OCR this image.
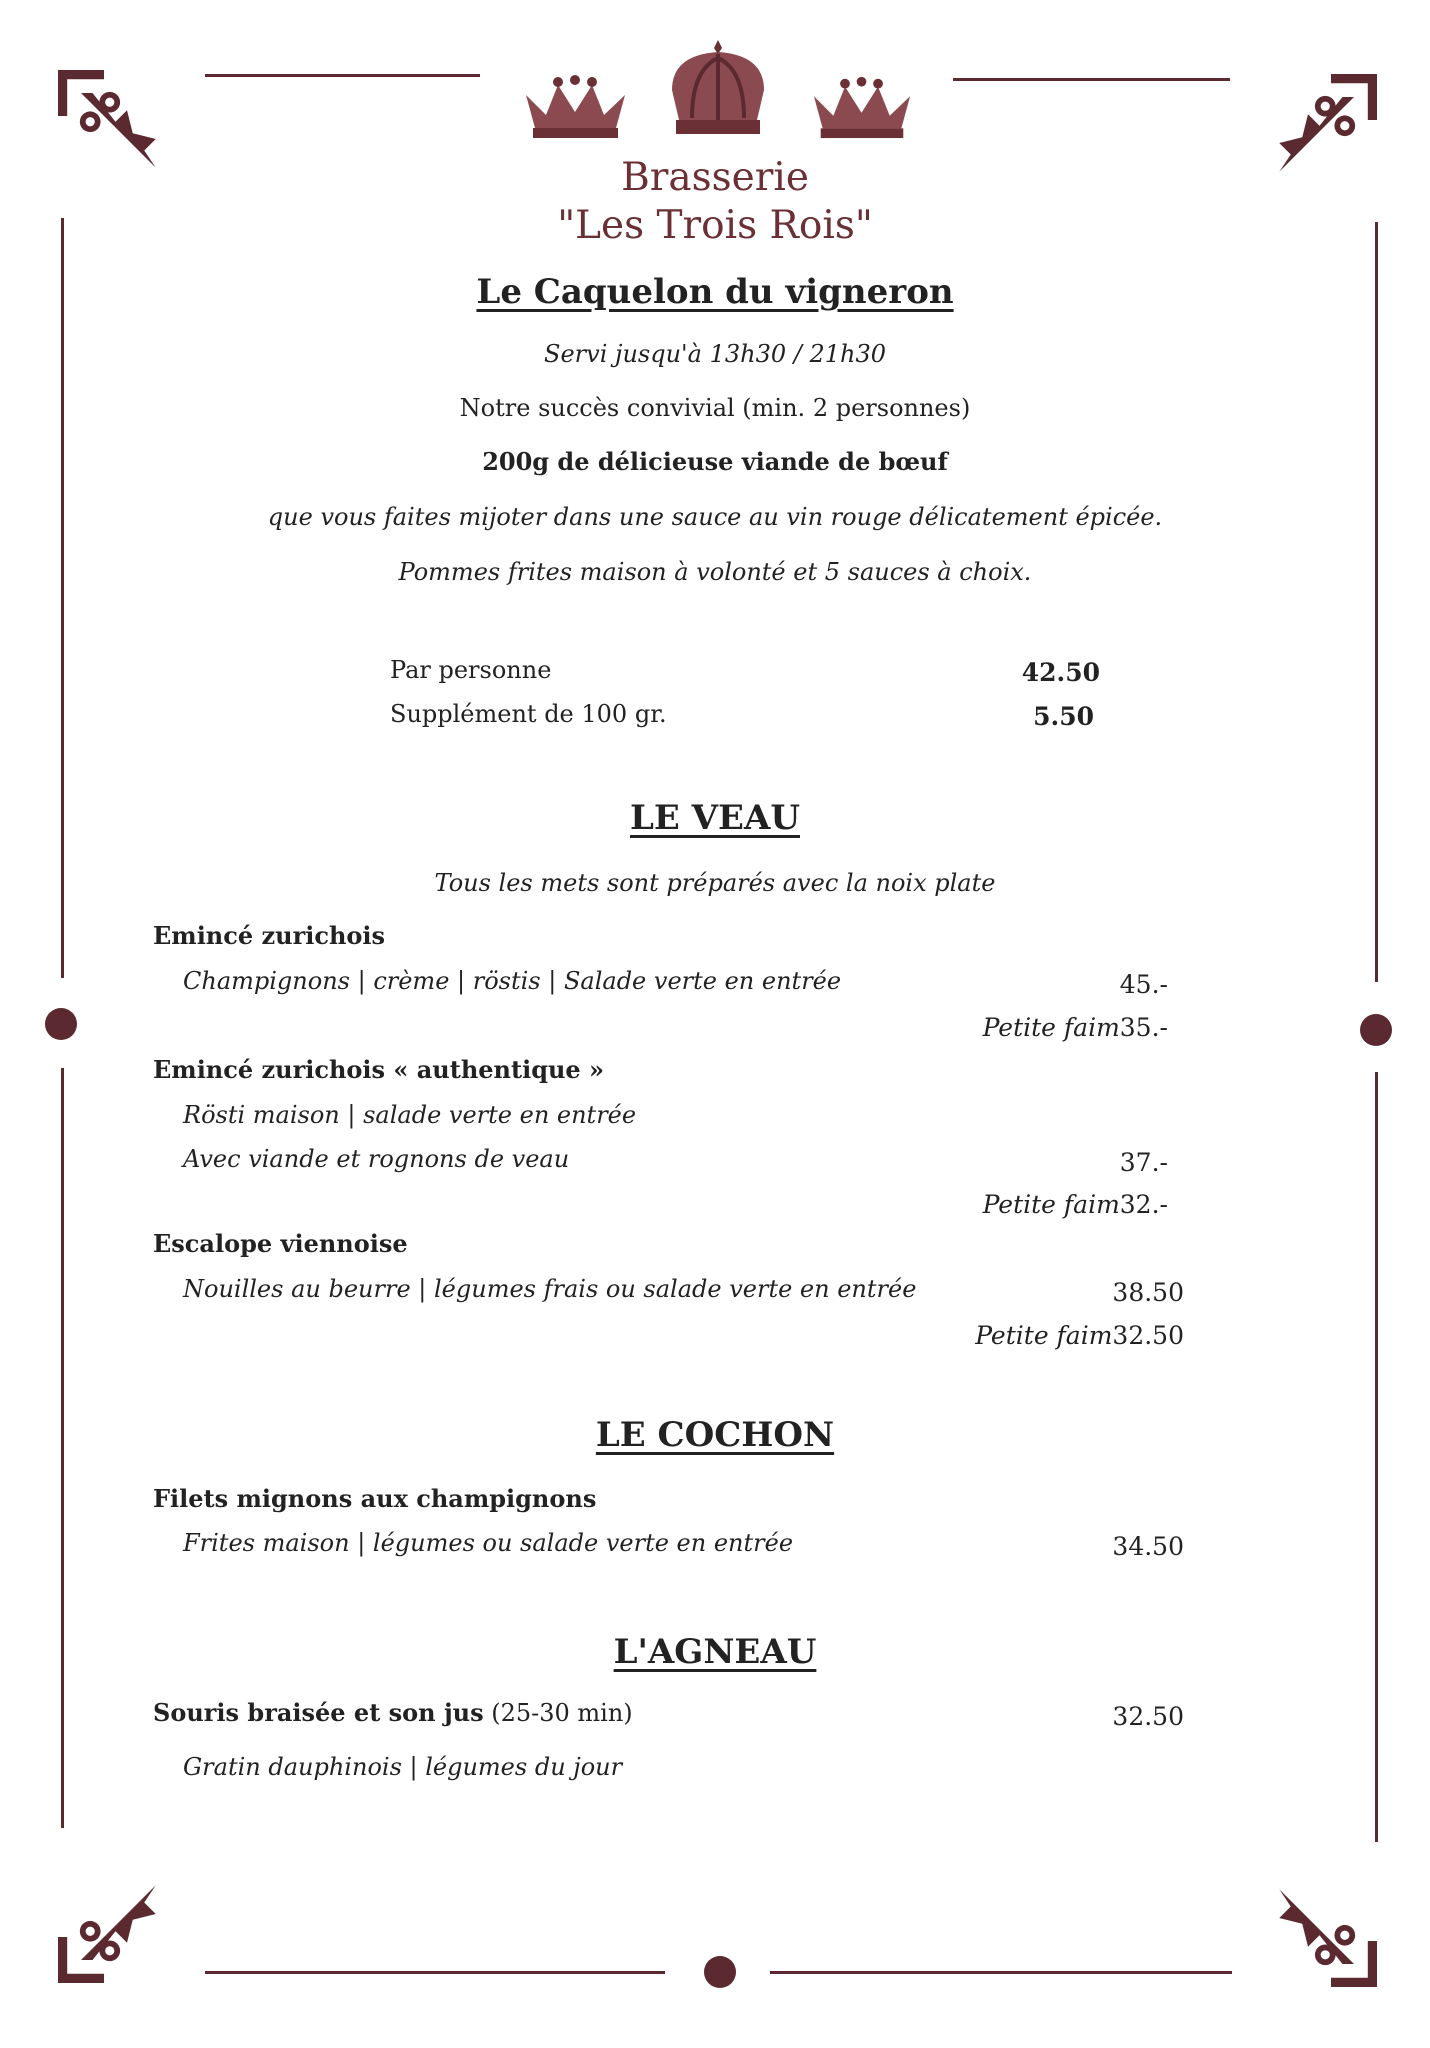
Brasserie
"Les Trois Rois"
Le Caquelon du vigneron
Servi jusqu'à 13h30 / 21h30
Notre succès convivial (min. 2 personnes)
200g de délicieuse viande de bœuf
que vous faites mijoter dans une sauce au vin rouge délicatement épicée.
Pommes frites maison à volonté et 5 sauces à choix.
Par personne	42.50
Supplément de 100 gr.	5.50
LE VEAU
Tous les mets sont préparés avec la noix plate
Emincé zurichois
Champignons | crème | röstis | Salade verte en entrée	45.-
Petite faim35.-
Emincé zurichois « authentique »
Rösti maison | salade verte en entrée
Avec viande et rognons de veau	37.-
Petite faim32.-
Escalope viennoise
Nouilles au beurre | légumes frais ou salade verte en entrée	38.50
Petite faim32.50
LE COCHON
Filets mignons aux champignons
Frites maison | légumes ou salade verte en entrée	34.50
L'AGNEAU
Souris braisée et son jus (25-30 min)	32.50
Gratin dauphinois | légumes du jour
